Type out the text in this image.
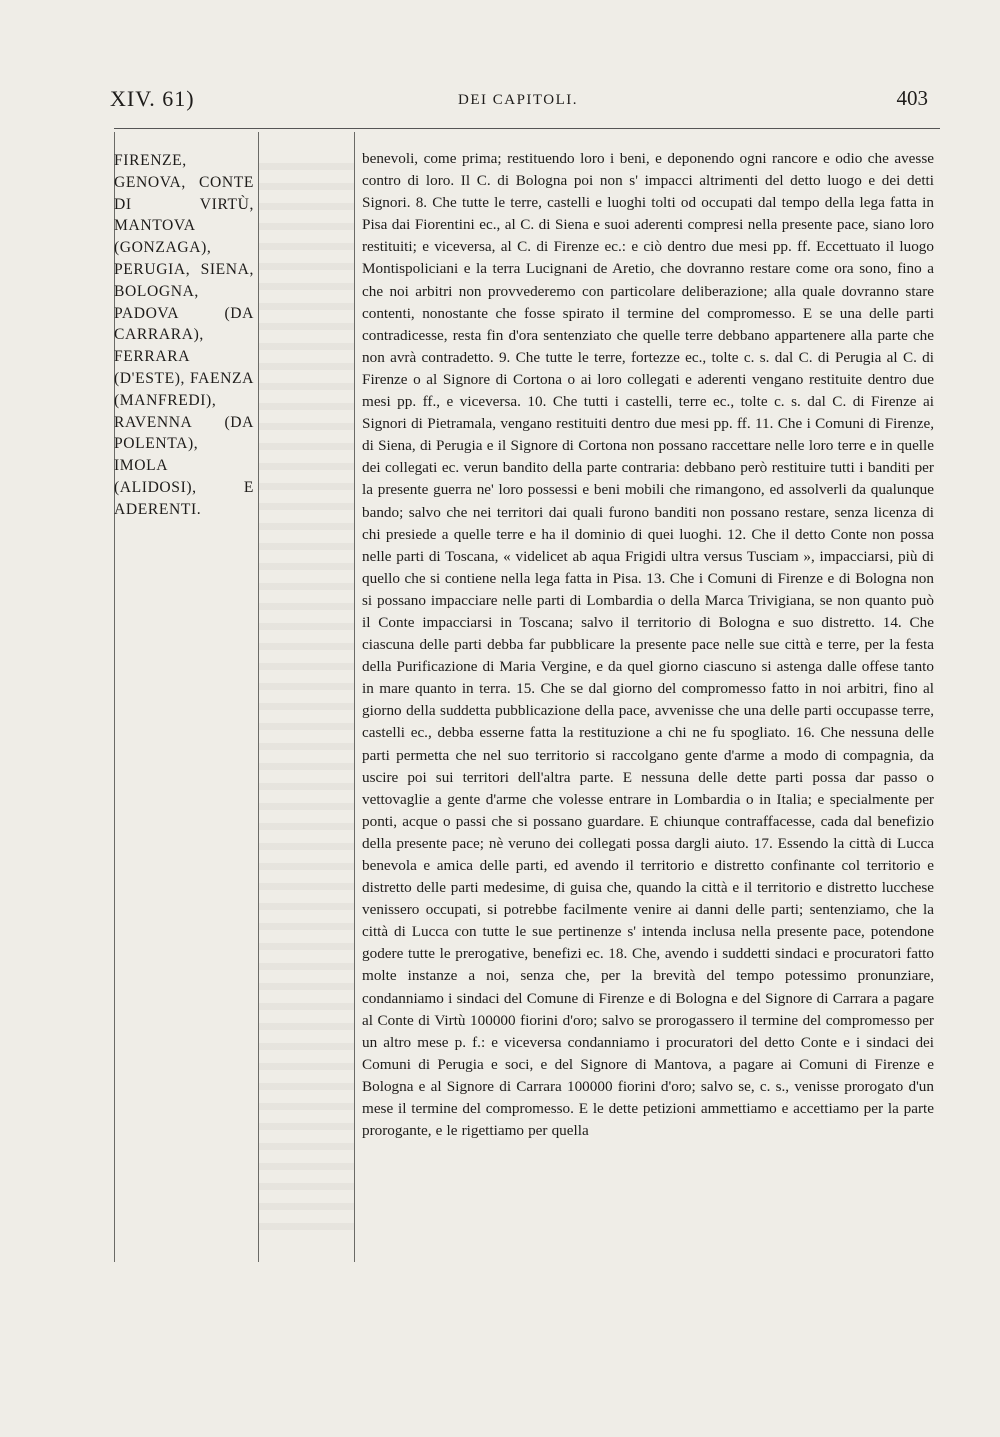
XIV. 61)	DEI CAPITOLI.	403

FIRENZE, GENOVA, CONTE DI VIRTÙ, MANTOVA (GONZAGA), PERUGIA, SIENA, BOLOGNA, PADOVA (DA CARRARA), FERRARA (D'ESTE), FAENZA (MANFREDI), RAVENNA (DA POLENTA), IMOLA (ALIDOSI), E ADERENTI.

benevoli, come prima; restituendo loro i beni, e deponendo ogni rancore e odio che avesse contro di loro. Il C. di Bologna poi non s' impacci altrimenti del detto luogo e dei detti Signori. 8. Che tutte le terre, castelli e luoghi tolti od occupati dal tempo della lega fatta in Pisa dai Fiorentini ec., al C. di Siena e suoi aderenti compresi nella presente pace, siano loro restituiti; e viceversa, al C. di Firenze ec.: e ciò dentro due mesi pp. ff. Eccettuato il luogo Montispoliciani e la terra Lucignani de Aretio, che dovranno restare come ora sono, fino a che noi arbitri non provvederemo con particolare deliberazione; alla quale dovranno stare contenti, nonostante che fosse spirato il termine del compromesso. E se una delle parti contradicesse, resta fin d'ora sentenziato che quelle terre debbano appartenere alla parte che non avrà contradetto. 9. Che tutte le terre, fortezze ec., tolte c. s. dal C. di Perugia al C. di Firenze o al Signore di Cortona o ai loro collegati e aderenti vengano restituite dentro due mesi pp. ff., e viceversa. 10. Che tutti i castelli, terre ec., tolte c. s. dal C. di Firenze ai Signori di Pietramala, vengano restituiti dentro due mesi pp. ff. 11. Che i Comuni di Firenze, di Siena, di Perugia e il Signore di Cortona non possano raccettare nelle loro terre e in quelle dei collegati ec. verun bandito della parte contraria: debbano però restituire tutti i banditi per la presente guerra ne' loro possessi e beni mobili che rimangono, ed assolverli da qualunque bando; salvo che nei territori dai quali furono banditi non possano restare, senza licenza di chi presiede a quelle terre e ha il dominio di quei luoghi. 12. Che il detto Conte non possa nelle parti di Toscana, « videlicet ab aqua Frigidi ultra versus Tusciam », impacciarsi, più di quello che si contiene nella lega fatta in Pisa. 13. Che i Comuni di Firenze e di Bologna non si possano impacciare nelle parti di Lombardia o della Marca Trivigiana, se non quanto può il Conte impacciarsi in Toscana; salvo il territorio di Bologna e suo distretto. 14. Che ciascuna delle parti debba far pubblicare la presente pace nelle sue città e terre, per la festa della Purificazione di Maria Vergine, e da quel giorno ciascuno si astenga dalle offese tanto in mare quanto in terra. 15. Che se dal giorno del compromesso fatto in noi arbitri, fino al giorno della suddetta pubblicazione della pace, avvenisse che una delle parti occupasse terre, castelli ec., debba esserne fatta la restituzione a chi ne fu spogliato. 16. Che nessuna delle parti permetta che nel suo territorio si raccolgano gente d'arme a modo di compagnia, da uscire poi sui territori dell'altra parte. E nessuna delle dette parti possa dar passo o vettovaglie a gente d'arme che volesse entrare in Lombardia o in Italia; e specialmente per ponti, acque o passi che si possano guardare. E chiunque contraffacesse, cada dal benefizio della presente pace; nè veruno dei collegati possa dargli aiuto. 17. Essendo la città di Lucca benevola e amica delle parti, ed avendo il territorio e distretto confinante col territorio e distretto delle parti medesime, di guisa che, quando la città e il territorio e distretto lucchese venissero occupati, si potrebbe facilmente venire ai danni delle parti; sentenziamo, che la città di Lucca con tutte le sue pertinenze s' intenda inclusa nella presente pace, potendone godere tutte le prerogative, benefizi ec. 18. Che, avendo i suddetti sindaci e procuratori fatto molte instanze a noi, senza che, per la brevità del tempo potessimo pronunziare, condanniamo i sindaci del Comune di Firenze e di Bologna e del Signore di Carrara a pagare al Conte di Virtù 100000 fiorini d'oro; salvo se prorogassero il termine del compromesso per un altro mese p. f.: e viceversa condanniamo i procuratori del detto Conte e i sindaci dei Comuni di Perugia e soci, e del Signore di Mantova, a pagare ai Comuni di Firenze e Bologna e al Signore di Carrara 100000 fiorini d'oro; salvo se, c. s., venisse prorogato d'un mese il termine del compromesso. E le dette petizioni ammettiamo e accettiamo per la parte prorogante, e le rigettiamo per quella
